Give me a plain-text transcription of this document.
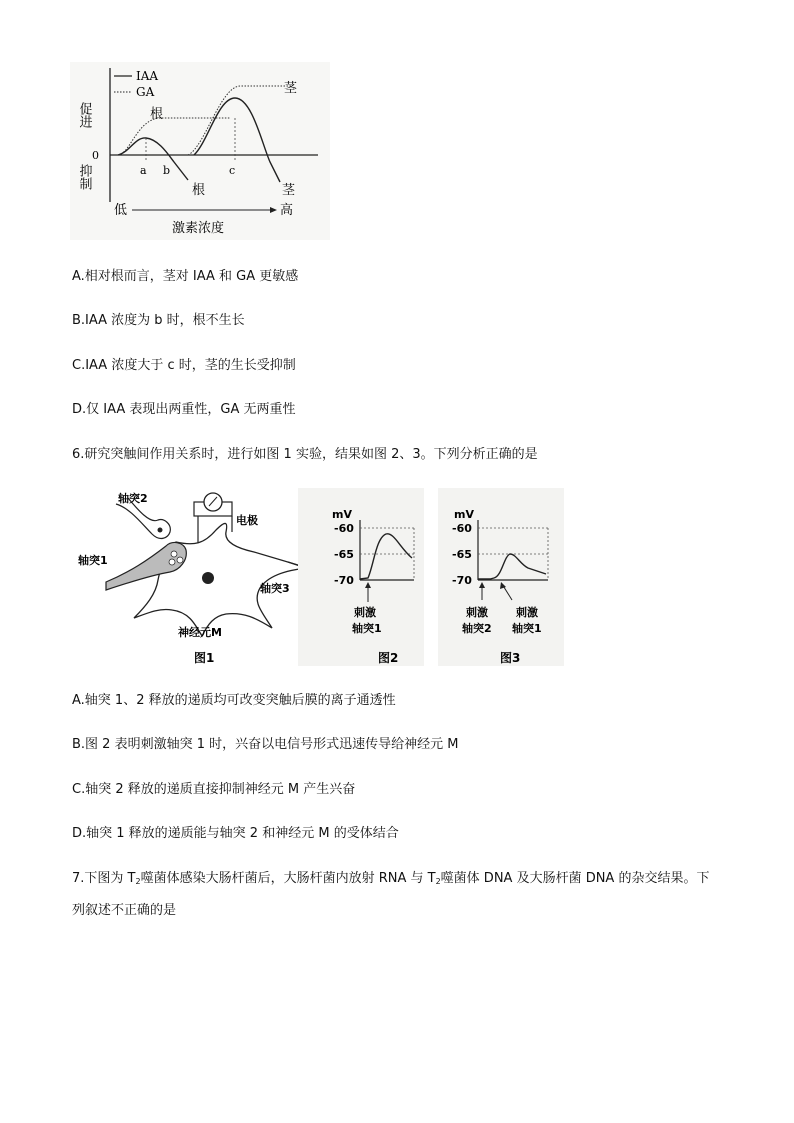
IAA
GA
促进
抑制
0
根
茎
根	茎
a b	c
低	高
激素浓度
A.相对根而言，茎对 IAA 和 GA 更敏感
B.IAA 浓度为 b 时，根不生长
C.IAA 浓度大于 c 时，茎的生长受抑制
D.仅 IAA 表现出两重性，GA 无两重性
6.研究突触间作用关系时，进行如图 1 实验，结果如图 2、3。下列分析正确的是
轴突2
轴突1
轴突3
电极
神经元M
图1
mV
-60
-65
-70
刺激
轴突1
图2
mV
-60
-65
-70
刺激
轴突2
刺激
轴突1
图3
A.轴突 1、2 释放的递质均可改变突触后膜的离子通透性
B.图 2 表明刺激轴突 1 时，兴奋以电信号形式迅速传导给神经元 M
C.轴突 2 释放的递质直接抑制神经元 M 产生兴奋
D.轴突 1 释放的递质能与轴突 2 和神经元 M 的受体结合
7.下图为 $T_2$噬菌体感染大肠杆菌后，大肠杆菌内放射 RNA 与 $T_2$噬菌体 DNA 及大肠杆菌 DNA 的杂交结果。下
列叙述不正确的是
